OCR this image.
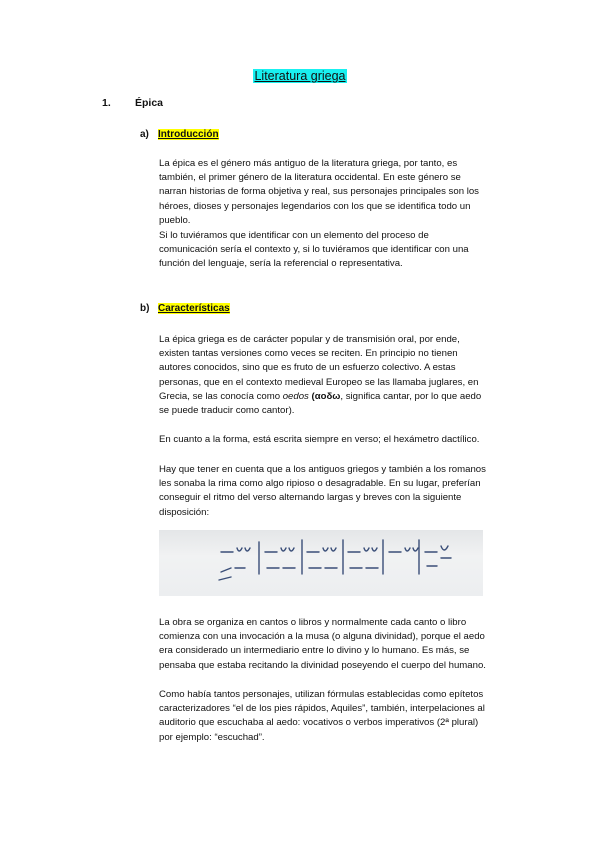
Literatura griega
1. Épica
a) Introducción

La épica es el género más antiguo de la literatura griega, por tanto, es también, el primer género de la literatura occidental. En este género se narran historias de forma objetiva y real, sus personajes principales son los héroes, dioses y personajes legendarios con los que se identifica todo un pueblo.

Si lo tuviéramos que identificar con un elemento del proceso de comunicación sería el contexto y, si lo tuviéramos que identificar con una función del lenguaje, sería la referencial o representativa.

b) Características

La épica griega es de carácter popular y de transmisión oral, por ende, existen tantas versiones como veces se reciten. En principio no tienen autores conocidos, sino que es fruto de un esfuerzo colectivo. A estas personas, que en el contexto medieval Europeo se las llamaba juglares, en Grecia, se las conocía como oedos (αοδω, significa cantar, por lo que aedo se puede traducir como cantor).

En cuanto a la forma, está escrita siempre en verso; el hexámetro dactílico.

Hay que tener en cuenta que a los antiguos griegos y también a los romanos les sonaba la rima como algo ripioso o desagradable. En su lugar, preferían conseguir el ritmo del verso alternando largas y breves con la siguiente disposición:

La obra se organiza en cantos o libros y normalmente cada canto o libro comienza con una invocación a la musa (o alguna divinidad), porque el aedo era considerado un intermediario entre lo divino y lo humano. Es más, se pensaba que estaba recitando la divinidad poseyendo el cuerpo del humano.

Como había tantos personajes, utilizan fórmulas establecidas como epítetos caracterizadores “el de los pies rápidos, Aquiles”, también, interpelaciones al auditorio que escuchaba al aedo: vocativos o verbos imperativos (2ª plural) por ejemplo: “escuchad”.
